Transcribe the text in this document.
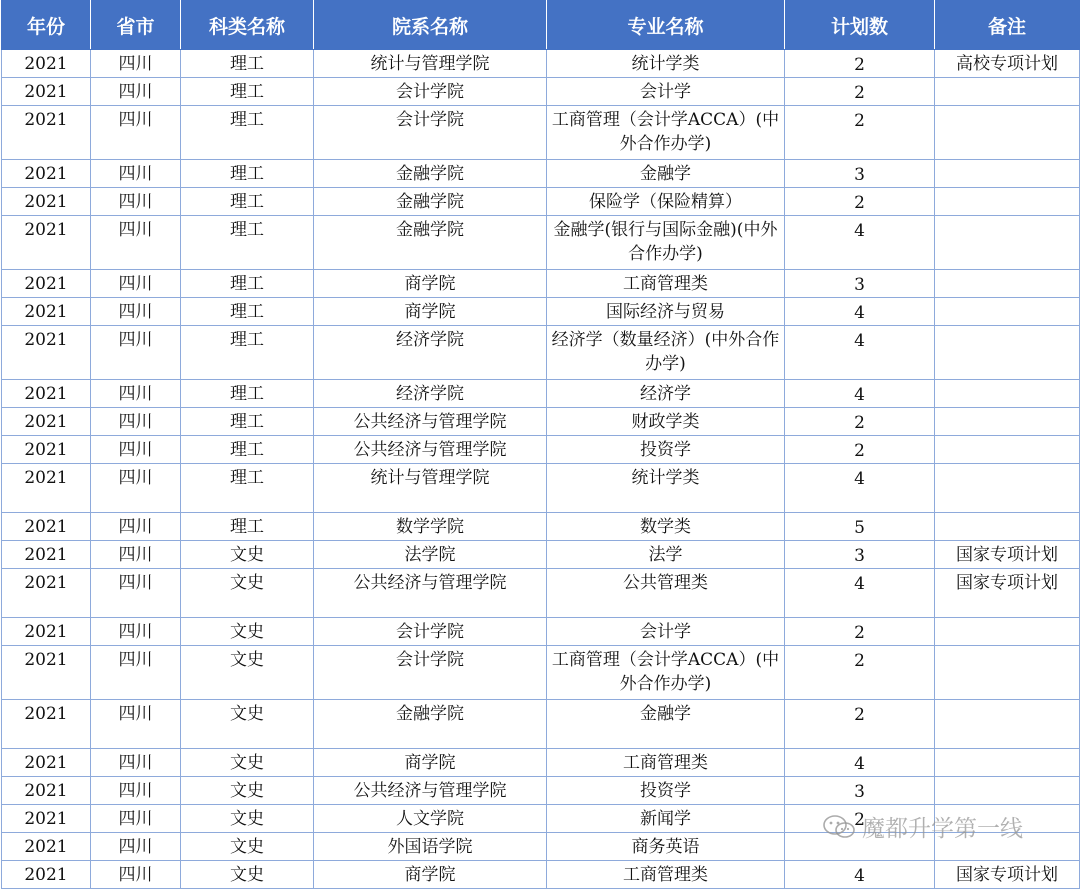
年份	省市	科类名称	院系名称	专业名称	计划数	备注
2021	四川	理工	统计与管理学院	统计学类	2	高校专项计划
2021	四川	理工	会计学院	会计学	2	
2021	四川	理工	会计学院	工商管理（会计学ACCA）(中外合作办学)	2	
2021	四川	理工	金融学院	金融学	3	
2021	四川	理工	金融学院	保险学（保险精算）	2	
2021	四川	理工	金融学院	金融学(银行与国际金融)(中外合作办学)	4	
2021	四川	理工	商学院	工商管理类	3	
2021	四川	理工	商学院	国际经济与贸易	4	
2021	四川	理工	经济学院	经济学（数量经济）(中外合作办学)	4	
2021	四川	理工	经济学院	经济学	4	
2021	四川	理工	公共经济与管理学院	财政学类	2	
2021	四川	理工	公共经济与管理学院	投资学	2	
2021	四川	理工	统计与管理学院	统计学类	4	
2021	四川	理工	数学学院	数学类	5	
2021	四川	文史	法学院	法学	3	国家专项计划
2021	四川	文史	公共经济与管理学院	公共管理类	4	国家专项计划
2021	四川	文史	会计学院	会计学	2	
2021	四川	文史	会计学院	工商管理（会计学ACCA）(中外合作办学)	2	
2021	四川	文史	金融学院	金融学	2	
2021	四川	文史	商学院	工商管理类	4	
2021	四川	文史	公共经济与管理学院	投资学	3	
2021	四川	文史	人文学院	新闻学	2	
2021	四川	文史	外国语学院	商务英语		
2021	四川	文史	商学院	工商管理类	4	国家专项计划
魔都升学第一线
